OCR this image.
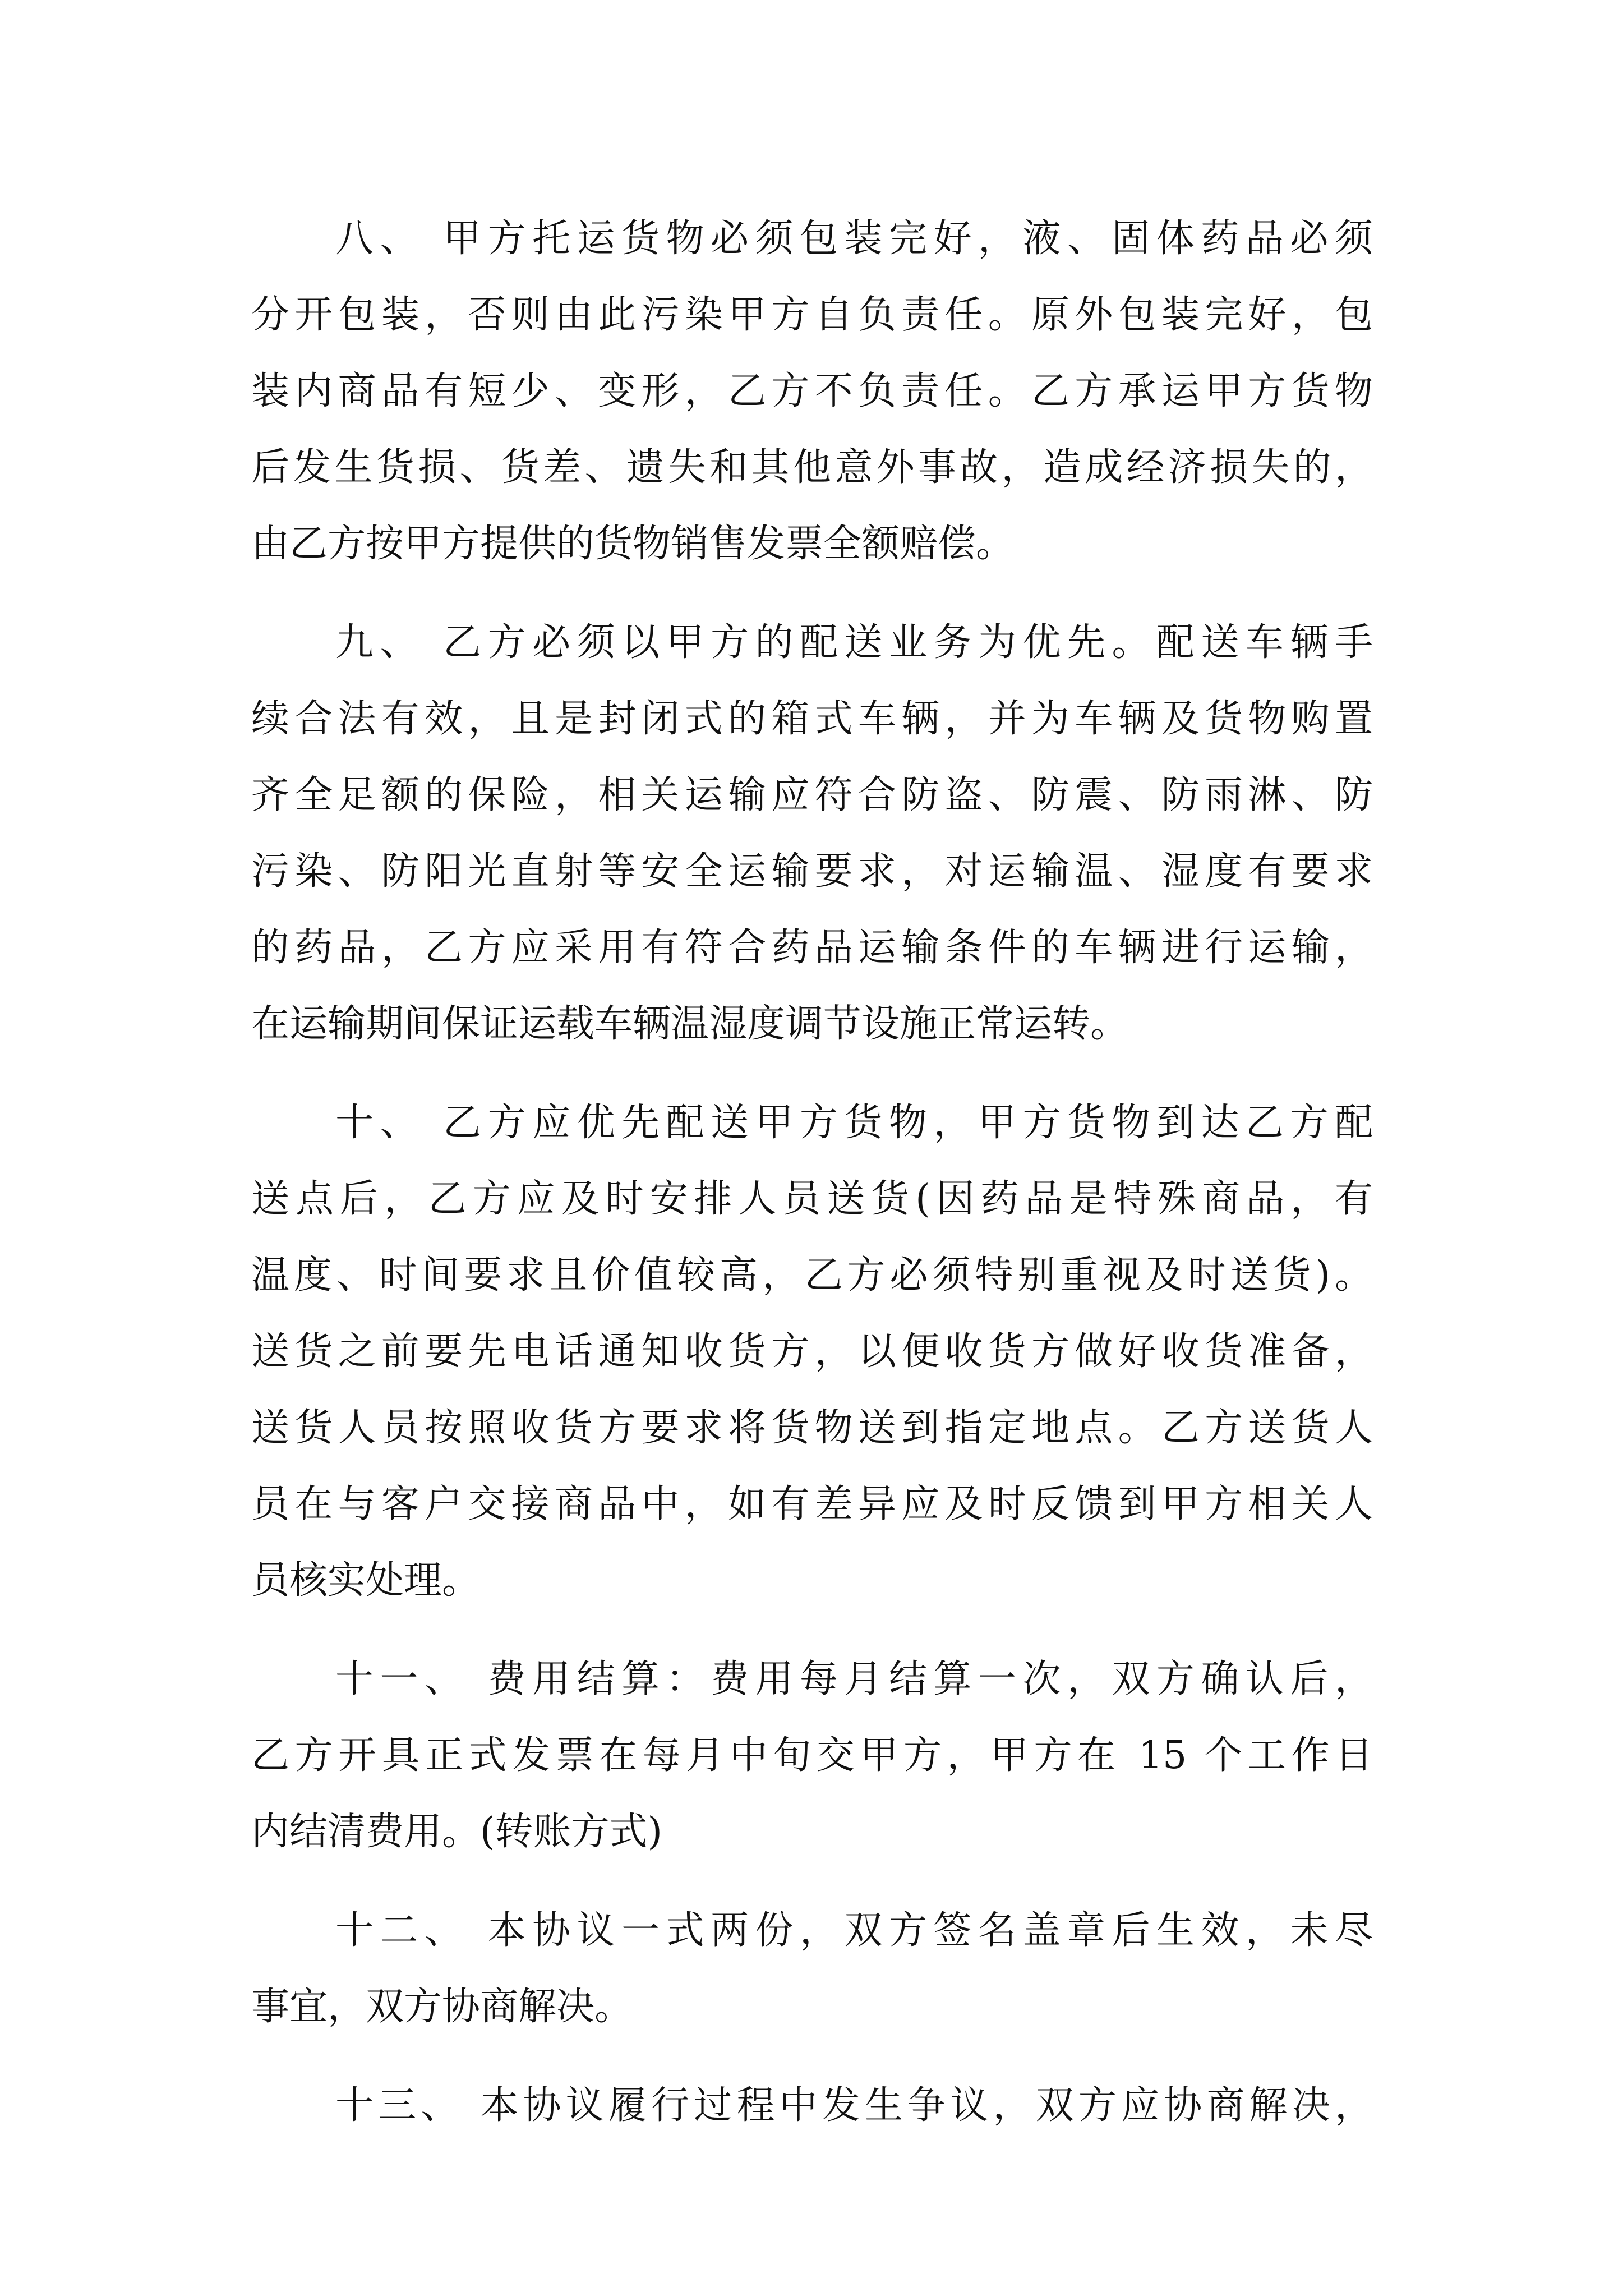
八、 甲方托运货物必须包装完好，液、固体药品必须
分开包装，否则由此污染甲方自负责任。原外包装完好，包
装内商品有短少、变形，乙方不负责任。乙方承运甲方货物
后发生货损、货差、遗失和其他意外事故，造成经济损失的，
由乙方按甲方提供的货物销售发票全额赔偿。
九、 乙方必须以甲方的配送业务为优先。配送车辆手
续合法有效，且是封闭式的箱式车辆，并为车辆及货物购置
齐全足额的保险，相关运输应符合防盗、防震、防雨淋、防
污染、防阳光直射等安全运输要求，对运输温、湿度有要求
的药品，乙方应采用有符合药品运输条件的车辆进行运输，
在运输期间保证运载车辆温湿度调节设施正常运转。
十、 乙方应优先配送甲方货物，甲方货物到达乙方配
送点后，乙方应及时安排人员送货(因药品是特殊商品，有
温度、时间要求且价值较高，乙方必须特别重视及时送货)。
送货之前要先电话通知收货方，以便收货方做好收货准备，
送货人员按照收货方要求将货物送到指定地点。乙方送货人
员在与客户交接商品中，如有差异应及时反馈到甲方相关人
员核实处理。
十一、 费用结算：费用每月结算一次，双方确认后，
乙方开具正式发票在每月中旬交甲方，甲方在 15 个工作日
内结清费用。(转账方式)
十二、 本协议一式两份，双方签名盖章后生效，未尽
事宜，双方协商解决。
十三、 本协议履行过程中发生争议，双方应协商解决，
